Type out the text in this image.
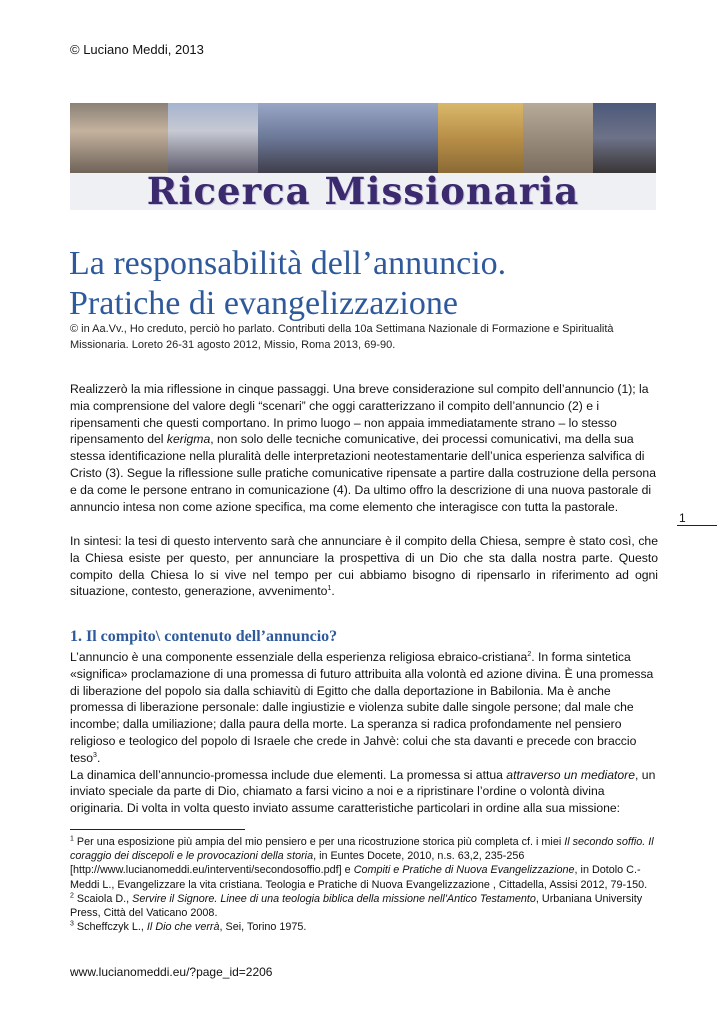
© Luciano Meddi, 2013
Ricerca Missionaria
La responsabilità dell’annuncio.
Pratiche di evangelizzazione
© in Aa.Vv., Ho creduto, perciò ho parlato. Contributi della 10a Settimana Nazionale di Formazione e Spiritualità Missionaria. Loreto 26-31 agosto 2012, Missio, Roma 2013, 69-90.
Realizzerò la mia riflessione in cinque passaggi. Una breve considerazione sul compito dell’annuncio (1); la mia comprensione del valore degli “scenari” che oggi caratterizzano il compito dell’annuncio (2) e i ripensamenti che questi comportano. In primo luogo – non appaia immediatamente strano – lo stesso ripensamento del kerigma, non solo delle tecniche comunicative, dei processi comunicativi, ma della sua stessa identificazione nella pluralità delle interpretazioni neotestamentarie dell’unica esperienza salvifica di Cristo (3). Segue la riflessione sulle pratiche comunicative ripensate a partire dalla costruzione della persona e da come le persone entrano in comunicazione (4). Da ultimo offro la descrizione di una nuova pastorale di annuncio intesa non come azione specifica, ma come elemento che interagisce con tutta la pastorale.
1
In sintesi: la tesi di questo intervento sarà che annunciare è il compito della Chiesa, sempre è stato così, che la Chiesa esiste per questo, per annunciare la prospettiva di un Dio che sta dalla nostra parte. Questo compito della Chiesa lo si vive nel tempo per cui abbiamo bisogno di ripensarlo in riferimento ad ogni situazione, contesto, generazione, avvenimento$^1$.
1. Il compito\ contenuto dell’annuncio?
L’annuncio è una componente essenziale della esperienza religiosa ebraico-cristiana$^2$. In forma sintetica «significa» proclamazione di una promessa di futuro attribuita alla volontà ed azione divina. È una promessa di liberazione del popolo sia dalla schiavitù di Egitto che dalla deportazione in Babilonia. Ma è anche promessa di liberazione personale: dalle ingiustizie e violenza subite dalle singole persone; dal male che incombe; dalla umiliazione; dalla paura della morte. La speranza si radica profondamente nel pensiero religioso e teologico del popolo di Israele che crede in Jahvè: colui che sta davanti e precede con braccio teso$^3$.
La dinamica dell’annuncio-promessa include due elementi. La promessa si attua attraverso un mediatore, un inviato speciale da parte di Dio, chiamato a farsi vicino a noi e a ripristinare l’ordine o volontà divina originaria. Di volta in volta questo inviato assume caratteristiche particolari in ordine alla sua missione:
$^1$ Per una esposizione più ampia del mio pensiero e per una ricostruzione storica più completa cf. i miei Il secondo soffio. Il coraggio dei discepoli e le provocazioni della storia, in Euntes Docete, 2010, n.s. 63,2, 235-256 [http://www.lucianomeddi.eu/interventi/secondosoffio.pdf] e Compiti e Pratiche di Nuova Evangelizzazione, in Dotolo C.-Meddi L., Evangelizzare la vita cristiana. Teologia e Pratiche di Nuova Evangelizzazione , Cittadella, Assisi 2012, 79-150.
$^2$ Scaiola D., Servire il Signore. Linee di una teologia biblica della missione nell'Antico Testamento, Urbaniana University Press, Città del Vaticano 2008.
$^3$ Scheffczyk L., Il Dio che verrà, Sei, Torino 1975.
www.lucianomeddi.eu/?page_id=2206
